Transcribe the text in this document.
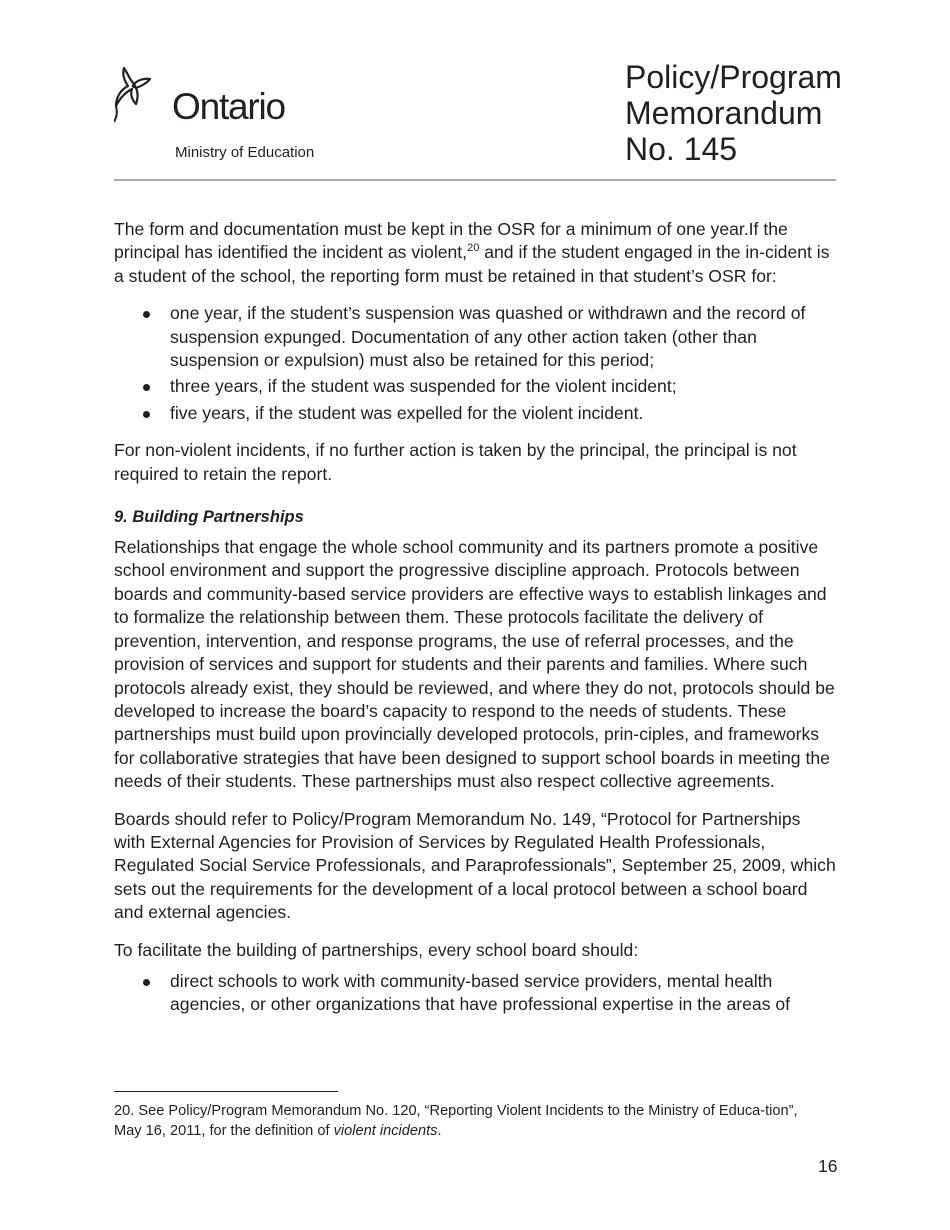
Ontario
Ministry of Education
Policy/Program
Memorandum
No. 145

The form and documentation must be kept in the OSR for a minimum of one year.If the principal has identified the incident as violent,$^{20}$ and if the student engaged in the in-cident is a student of the school, the reporting form must be retained in that student’s OSR for:

one year, if the student’s suspension was quashed or withdrawn and the record of suspension expunged. Documentation of any other action taken (other than suspension or expulsion) must also be retained for this period;
three years, if the student was suspended for the violent incident;
five years, if the student was expelled for the violent incident.

For non-violent incidents, if no further action is taken by the principal, the principal is not required to retain the report.

9. Building Partnerships

Relationships that engage the whole school community and its partners promote a positive school environment and support the progressive discipline approach. Protocols between boards and community-based service providers are effective ways to establish linkages and to formalize the relationship between them. These protocols facilitate the delivery of prevention, intervention, and response programs, the use of referral processes, and the provision of services and support for students and their parents and families. Where such protocols already exist, they should be reviewed, and where they do not, protocols should be developed to increase the board’s capacity to respond to the needs of students. These partnerships must build upon provincially developed protocols, prin-ciples, and frameworks for collaborative strategies that have been designed to support school boards in meeting the needs of their students. These partnerships must also respect collective agreements.

Boards should refer to Policy/Program Memorandum No. 149, “Protocol for Partnerships with External Agencies for Provision of Services by Regulated Health Professionals, Regulated Social Service Professionals, and Paraprofessionals”, September 25, 2009, which sets out the requirements for the development of a local protocol between a school board and external agencies.

To facilitate the building of partnerships, every school board should:

direct schools to work with community-based service providers, mental health agencies, or other organizations that have professional expertise in the areas of
20. See Policy/Program Memorandum No. 120, “Reporting Violent Incidents to the Ministry of Educa-tion”, May 16, 2011, for the definition of violent incidents.
16
